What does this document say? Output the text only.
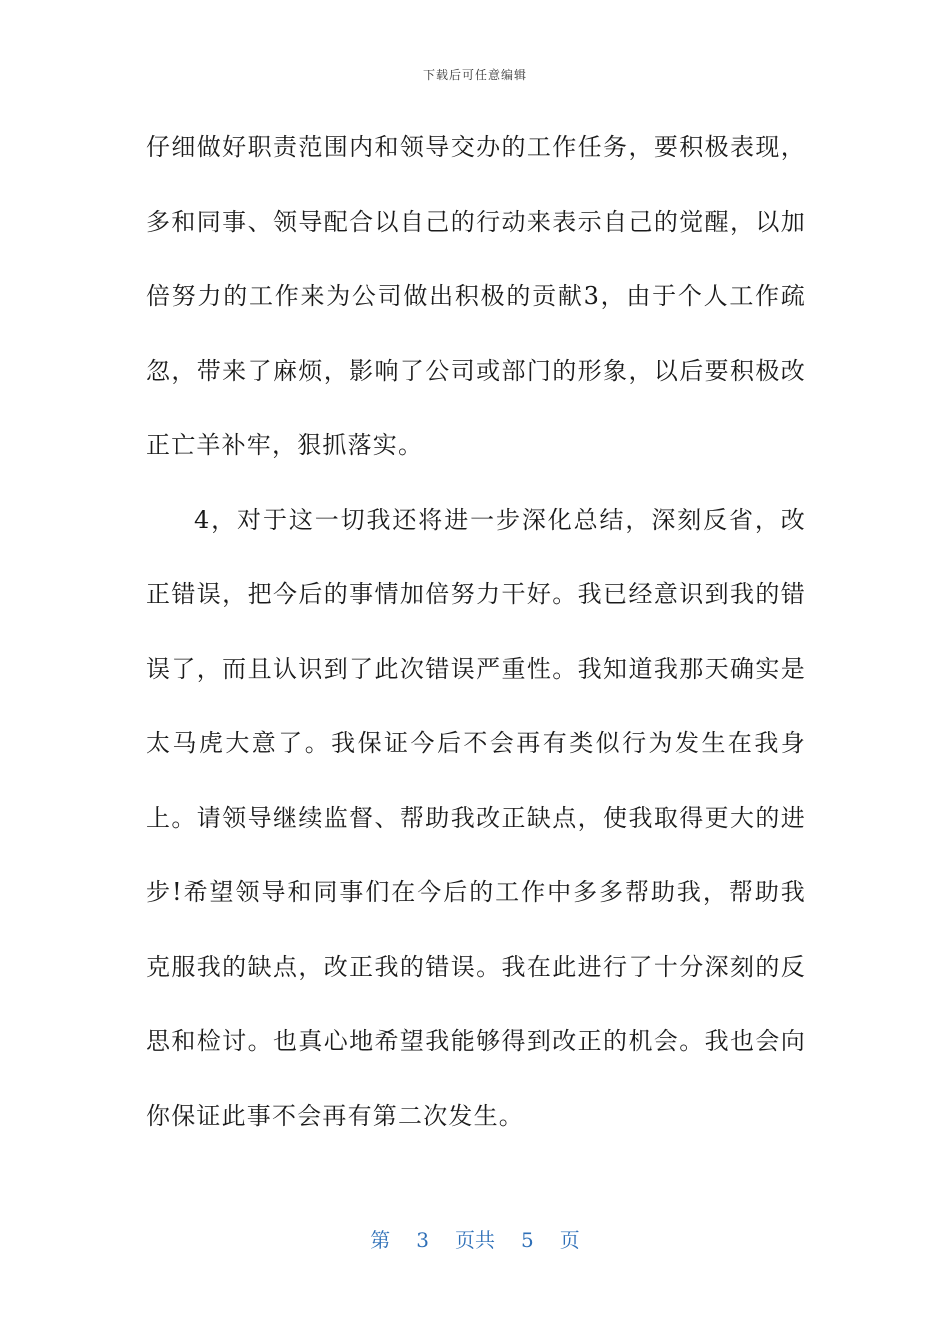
下载后可任意编辑

仔细做好职责范围内和领导交办的工作任务，要积极表现，多和同事、领导配合以自己的行动来表示自己的觉醒，以加倍努力的工作来为公司做出积极的贡献3，由于个人工作疏忽，带来了麻烦，影响了公司或部门的形象，以后要积极改正亡羊补牢，狠抓落实。

4，对于这一切我还将进一步深化总结，深刻反省，改正错误，把今后的事情加倍努力干好。我已经意识到我的错误了，而且认识到了此次错误严重性。我知道我那天确实是太马虎大意了。我保证今后不会再有类似行为发生在我身上。请领导继续监督、帮助我改正缺点，使我取得更大的进步!希望领导和同事们在今后的工作中多多帮助我，帮助我克服我的缺点，改正我的错误。我在此进行了十分深刻的反思和检讨。也真心地希望我能够得到改正的机会。我也会向你保证此事不会再有第二次发生。

第 3 页共 5 页
